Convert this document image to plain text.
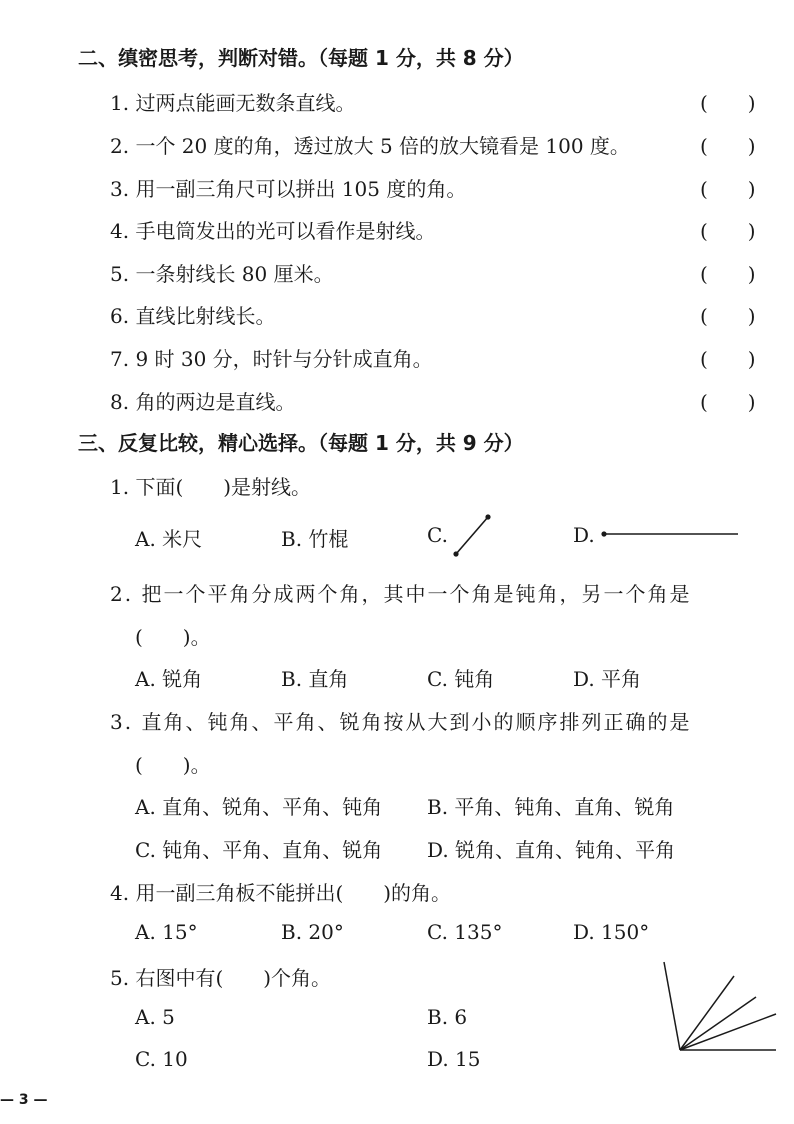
二、缜密思考，判断对错。（每题 1 分，共 8 分）
1. 过两点能画无数条直线。	(　　)
2. 一个 20 度的角，透过放大 5 倍的放大镜看是 100 度。	(　　)
3. 用一副三角尺可以拼出 105 度的角。	(　　)
4. 手电筒发出的光可以看作是射线。	(　　)
5. 一条射线长 80 厘米。	(　　)
6. 直线比射线长。	(　　)
7. 9 时 30 分，时针与分针成直角。	(　　)
8. 角的两边是直线。	(　　)
三、反复比较，精心选择。（每题 1 分，共 9 分）
1. 下面(　　)是射线。
A. 米尺	B. 竹棍	C.	D.
2. 把一个平角分成两个角，其中一个角是钝角，另一个角是
(　　)。
A. 锐角	B. 直角	C. 钝角	D. 平角
3. 直角、钝角、平角、锐角按从大到小的顺序排列正确的是
(　　)。
A. 直角、锐角、平角、钝角 B. 平角、钝角、直角、锐角
C. 钝角、平角、直角、锐角 D. 锐角、直角、钝角、平角
4. 用一副三角板不能拼出(　　)的角。
A. 15°	B. 20°	C. 135°	D. 150°
5. 右图中有(　　)个角。
A. 5	B. 6
C. 10	D. 15
— 3 —
